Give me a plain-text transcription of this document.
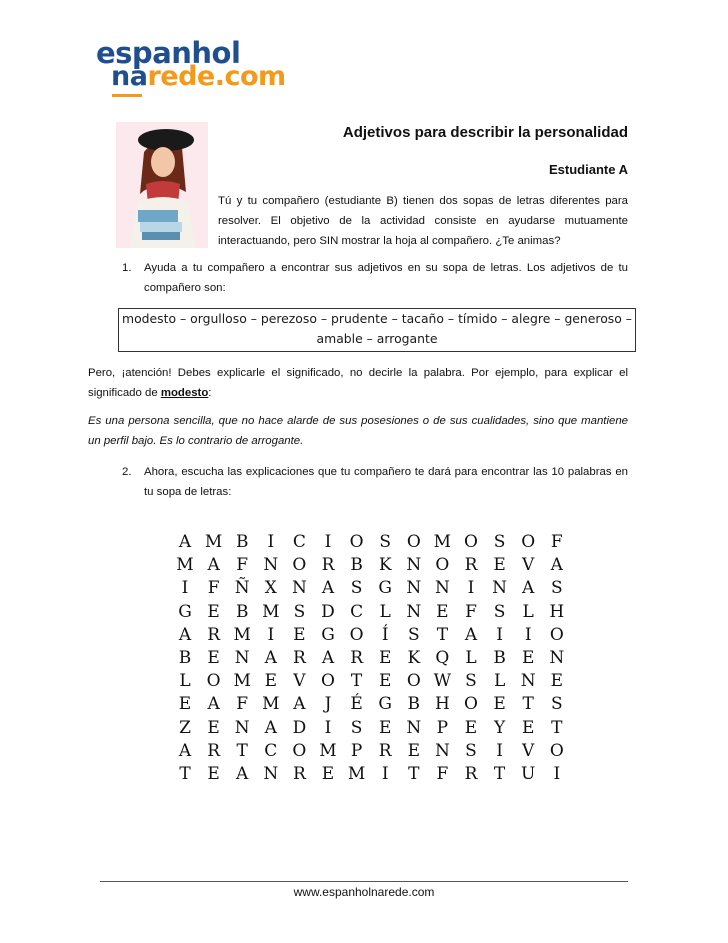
espanhol
narede.com
Adjetivos para describir la personalidad
Estudiante A
Tú y tu compañero (estudiante B) tienen dos sopas de letras diferentes para resolver. El objetivo de la actividad consiste en ayudarse mutuamente interactuando, pero SIN mostrar la hoja al compañero. ¿Te animas?
1. Ayuda a tu compañero a encontrar sus adjetivos en su sopa de letras. Los adjetivos de tu compañero son:
modesto – orgulloso – perezoso – prudente – tacaño – tímido – alegre – generoso –
amable – arrogante
Pero, ¡atención! Debes explicarle el significado, no decirle la palabra. Por ejemplo, para explicar el significado de modesto:
Es una persona sencilla, que no hace alarde de sus posesiones o de sus cualidades, sino que mantiene un perfil bajo. Es lo contrario de arrogante.
2. Ahora, escucha las explicaciones que tu compañero te dará para encontrar las 10 palabras en tu sopa de letras:
A M B	I	C	I	O S O M O S O F
M A F N O R B K N O R E V A
I	F Ñ X N A S G N N	I	N A S
G E B M S D C L N E F S	L H
A R M I	E G O	Í	S	T A	I	I	O
B E N A R A R E K Q L B E N
L O M E V O T E O W S	L N E
E A F M A	J	É G B H O E T	S
Z E N A D	I	S E N P E Y E T
A R T C O M P R E N S	I	V O
T E A N R E M I	T	F R T U	I
www.espanholnarede.com
